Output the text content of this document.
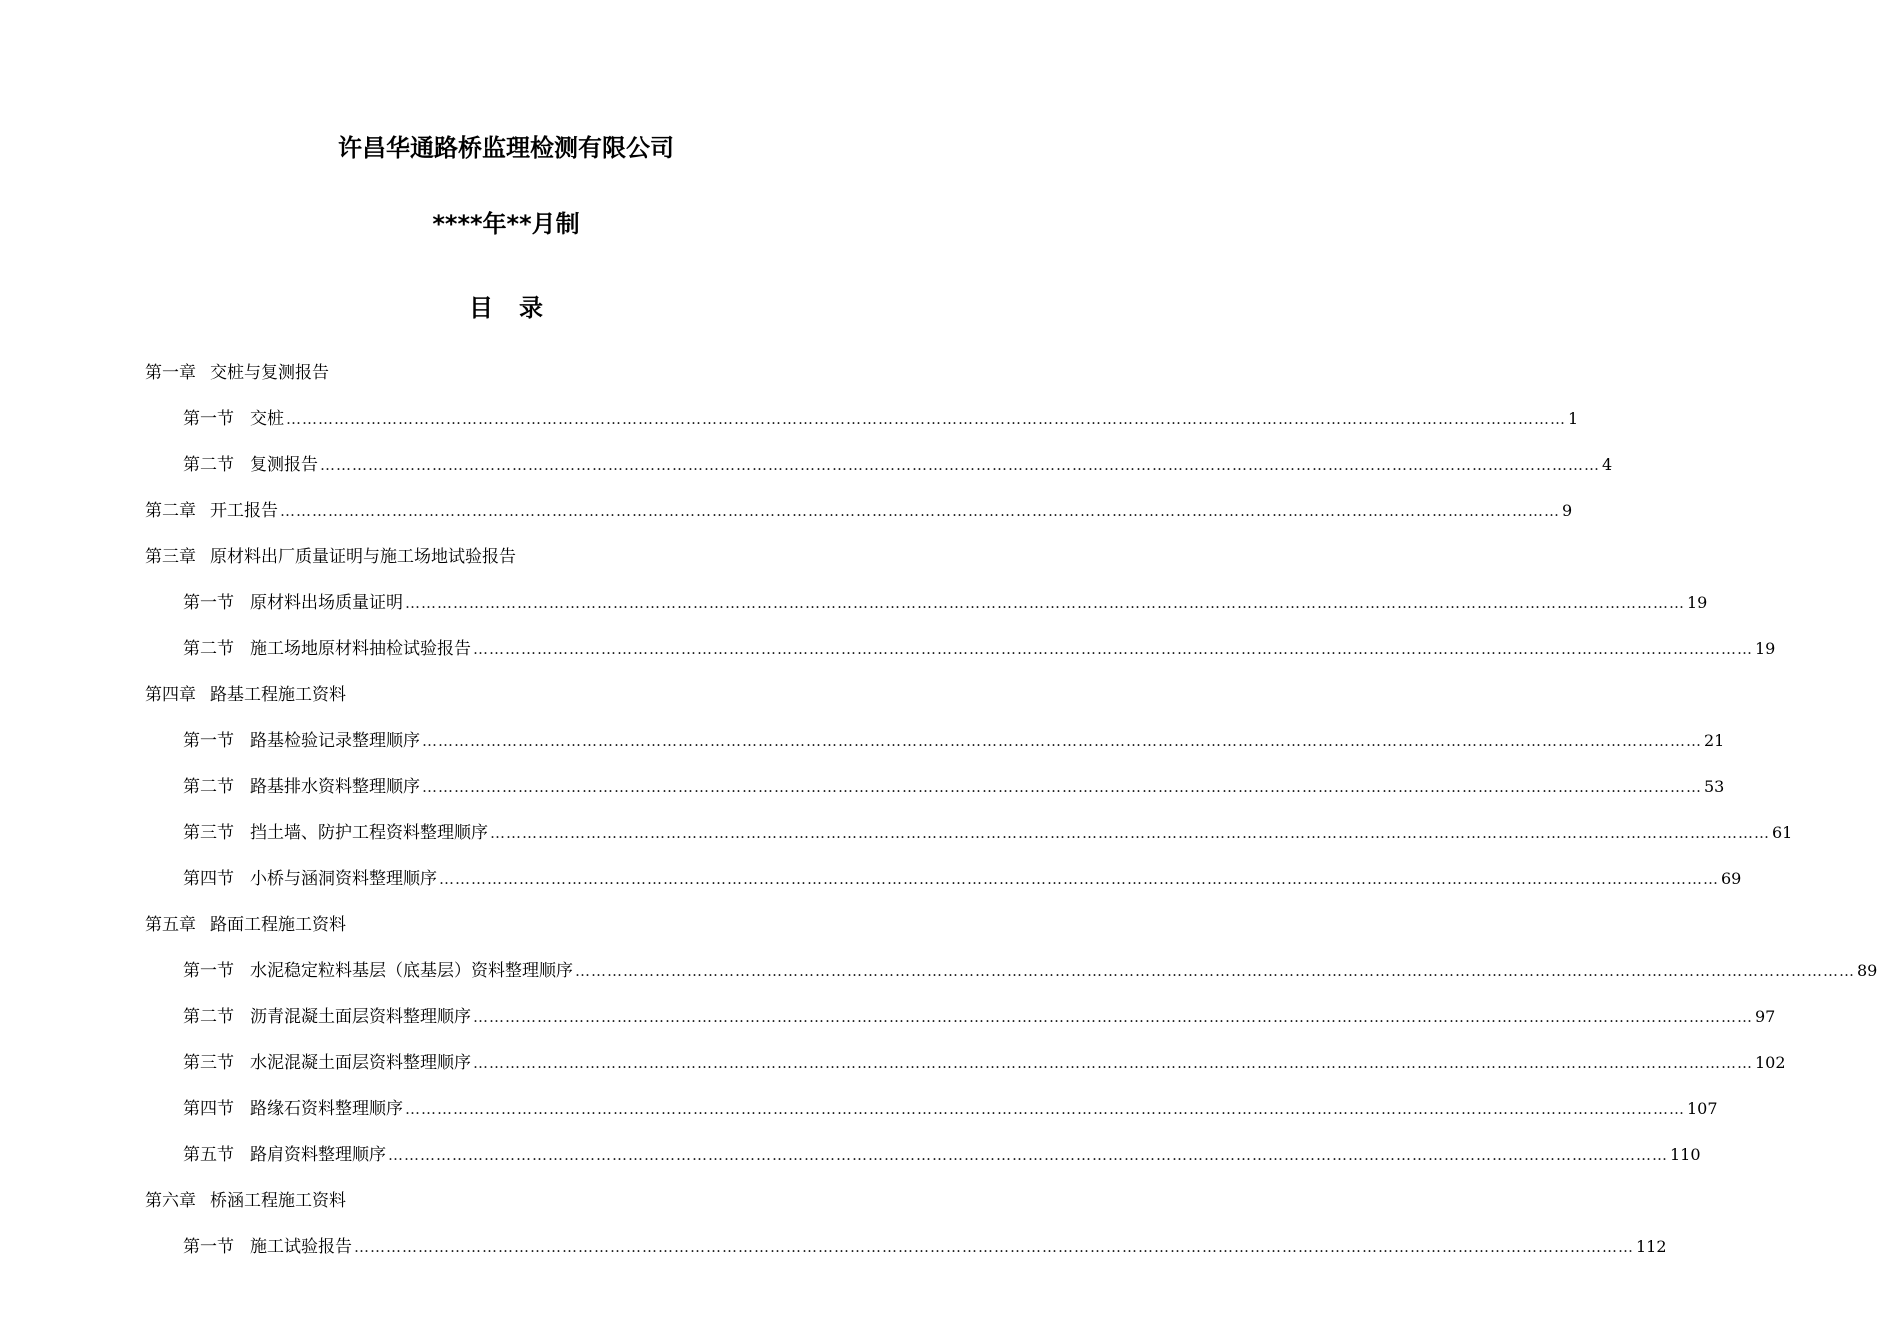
许昌华通路桥监理检测有限公司
****年**月制
目 录
第一章 交桩与复测报告
第一节 交桩 …………………………………………………………………………………………………………………………………………………………………………………………………………………… 1
第二节 复测报告 …………………………………………………………………………………………………………………………………………………………………………………………………………………… 4
第二章 开工报告 …………………………………………………………………………………………………………………………………………………………………………………………………………………… 9
第三章 原材料出厂质量证明与施工场地试验报告
第一节 原材料出场质量证明 …………………………………………………………………………………………………………………………………………………………………………………………………………………… 19
第二节 施工场地原材料抽检试验报告 …………………………………………………………………………………………………………………………………………………………………………………………………………………… 19
第四章 路基工程施工资料
第一节 路基检验记录整理顺序 …………………………………………………………………………………………………………………………………………………………………………………………………………………… 21
第二节 路基排水资料整理顺序 …………………………………………………………………………………………………………………………………………………………………………………………………………………… 53
第三节 挡土墙、防护工程资料整理顺序 …………………………………………………………………………………………………………………………………………………………………………………………………………………… 61
第四节 小桥与涵洞资料整理顺序 …………………………………………………………………………………………………………………………………………………………………………………………………………………… 69
第五章 路面工程施工资料
第一节 水泥稳定粒料基层（底基层）资料整理顺序 …………………………………………………………………………………………………………………………………………………………………………………………………………………… 89
第二节 沥青混凝土面层资料整理顺序 …………………………………………………………………………………………………………………………………………………………………………………………………………………… 97
第三节 水泥混凝土面层资料整理顺序 …………………………………………………………………………………………………………………………………………………………………………………………………………………… 102
第四节 路缘石资料整理顺序 …………………………………………………………………………………………………………………………………………………………………………………………………………………… 107
第五节 路肩资料整理顺序 …………………………………………………………………………………………………………………………………………………………………………………………………………………… 110
第六章 桥涵工程施工资料
第一节 施工试验报告 …………………………………………………………………………………………………………………………………………………………………………………………………………………… 112
